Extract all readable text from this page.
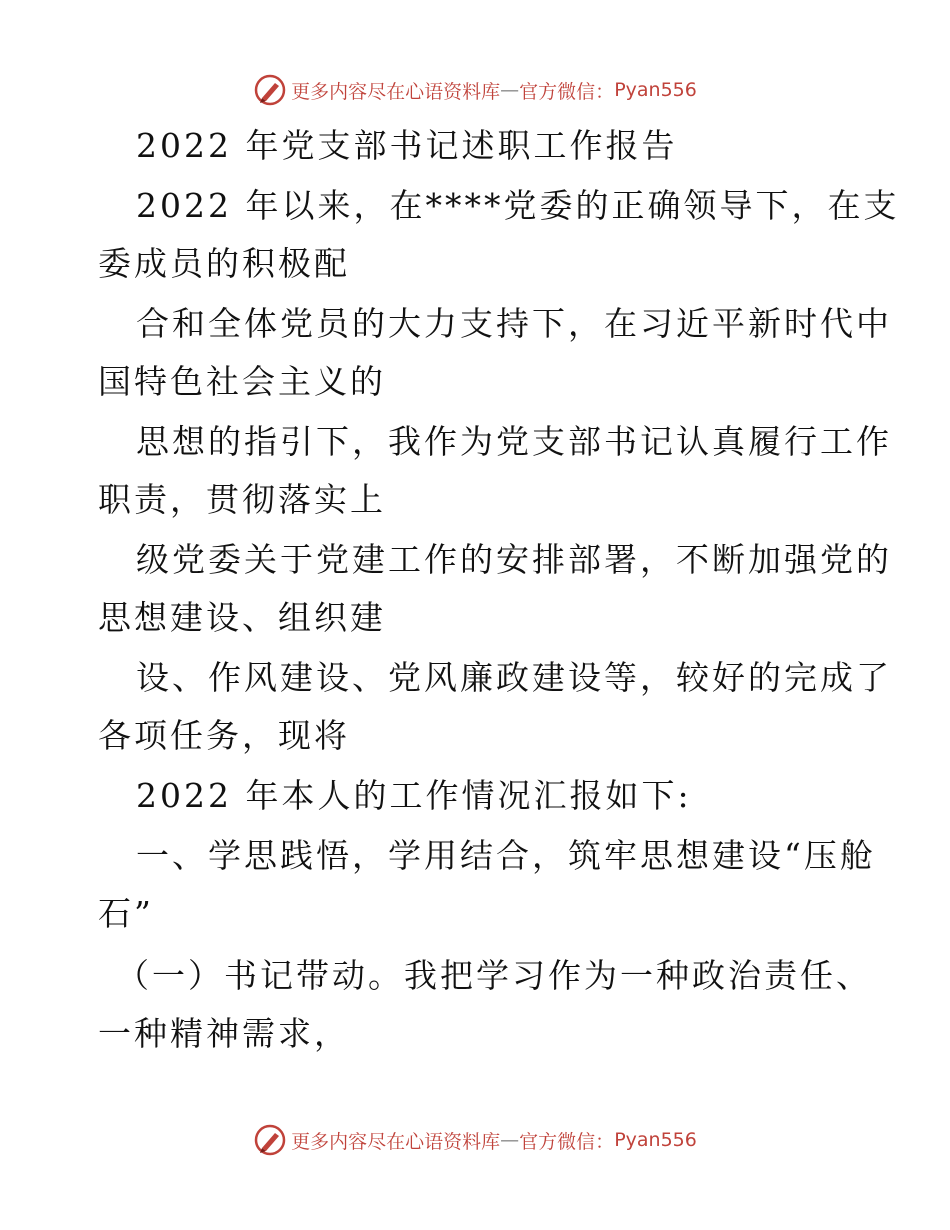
更多内容尽在心语资料库 — 官方微信： Pyan556
2022 年党支部书记述职工作报告
2022 年以来，在****党委的正确领导下，在支
委成员的积极配
合和全体党员的大力支持下，在习近平新时代中
国特色社会主义的
思想的指引下，我作为党支部书记认真履行工作
职责，贯彻落实上
级党委关于党建工作的安排部署，不断加强党的
思想建设、组织建
设、作风建设、党风廉政建设等，较好的完成了
各项任务，现将
2022 年本人的工作情况汇报如下:
一、学思践悟，学用结合，筑牢思想建设“压舱
石”
（一）书记带动。我把学习作为一种政治责任、
一种精神需求，
更多内容尽在心语资料库 — 官方微信： Pyan556
